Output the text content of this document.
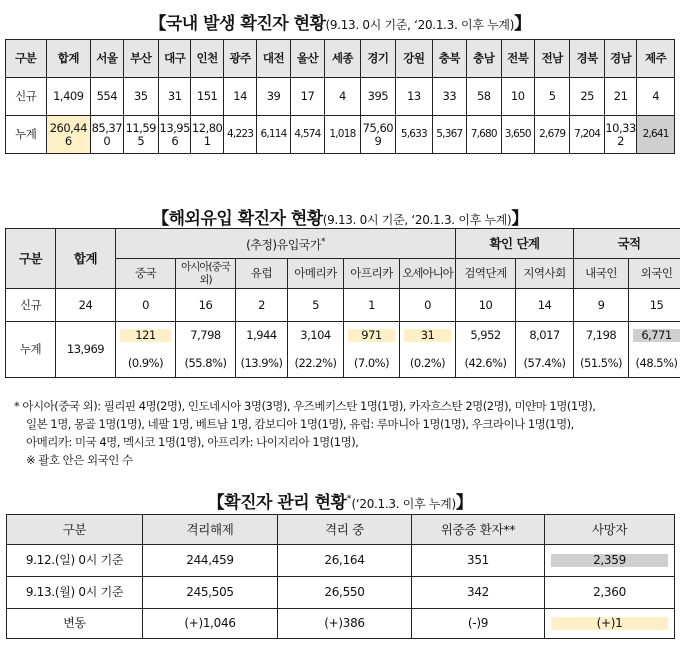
【국내 발생 확진자 현황(9.13. 0시 기준, ‘20.1.3. 이후 누계)】
구분	합계	서울	부산	대구	인천	광주	대전	울산	세종	경기	강원	충북	충남	전북	전남	경북	경남	제주
신규	1,409	554	35	31	151	14	39	17	4	395	13	33	58	10	5	25	21	4
누계	260,446	85,370	11,595	13,956	12,801	4,223	6,114	4,574	1,018	75,609	5,633	5,367	7,680	3,650	2,679	7,204	10,332	2,641
【해외유입 확진자 현황(9.13. 0시 기준, ‘20.1.3. 이후 누계)】
구분	합계	(추정)유입국가*						확인 단계		국적	
		중국	아시아(중국 외)	유럽	아메리카	아프리카	오세아니아	검역단계	지역사회	내국인	외국인
신규	24	0	16	2	5	1	0	10	14	9	15
누계	13,969	121	7,798	1,944	3,104	971	31	5,952	8,017	7,198	6,771

		(0.9%)	(55.8%)	(13.9%)	(22.2%)	(7.0%)	(0.2%)	(42.6%)	(57.4%)	(51.5%)	(48.5%)
* 아시아(중국 외): 필리핀 4명(2명), 인도네시아 3명(3명), 우즈베키스탄 1명(1명), 카자흐스탄 2명(2명), 미얀마 1명(1명),
일본 1명, 몽골 1명(1명), 네팔 1명, 베트남 1명, 캄보디아 1명(1명), 유럽: 루마니아 1명(1명), 우크라이나 1명(1명),
아메리카: 미국 4명, 멕시코 1명(1명), 아프리카: 나이지리아 1명(1명),
※ 괄호 안은 외국인 수
【확진자 관리 현황*(‘20.1.3. 이후 누계)】
구분	격리해제	격리 중	위중증 환자**	사망자
9.12.(일) 0시 기준	244,459	26,164	351	2,359

9.13.(월) 0시 기준	245,505	26,550	342	2,360
변동	(+)1,046	(+)386	(-)9	(+)1
